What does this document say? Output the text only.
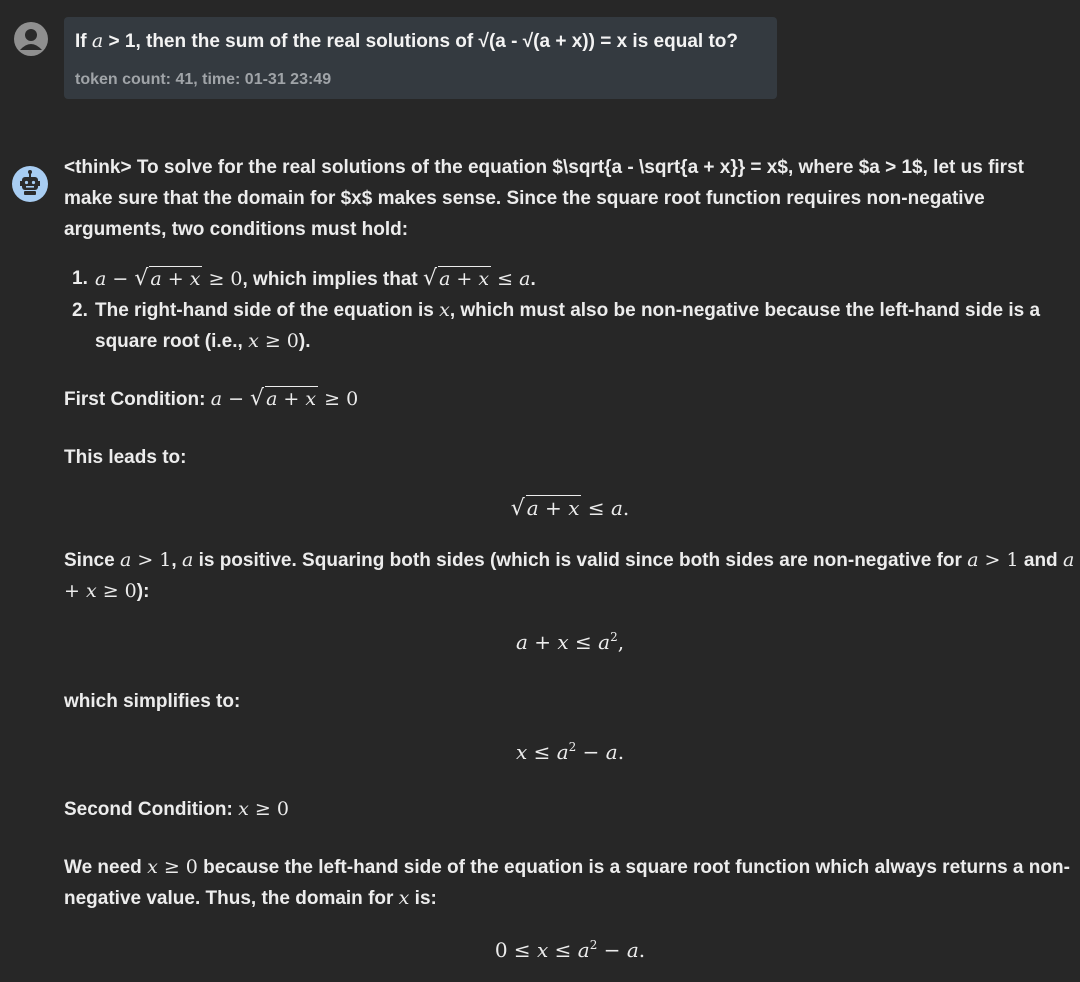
If a > 1, then the sum of the real solutions of √(a - √(a + x)) = x is equal to?
token count: 41, time: 01-31 23:49

<think> To solve for the real solutions of the equation $\sqrt{a - \sqrt{a + x}} = x$, where $a > 1$, let us first make sure that the domain for $x$ makes sense. Since the square root function requires non-negative arguments, two conditions must hold:

1. a − √ a + x ≥ 0, which implies that √ a + x ≤ a.
2. The right-hand side of the equation is x, which must also be non-negative because the left-hand side is a square root (i.e., x ≥ 0).

First Condition: a − √ a + x ≥ 0

This leads to:

√ a + x ≤ a.

Since a > 1, a is positive. Squaring both sides (which is valid since both sides are non-negative for a > 1 and a + x ≥ 0):

$a + x \le a^2$,

which simplifies to:

$x \le a^2 - a$.

Second Condition: x ≥ 0

We need x ≥ 0 because the left-hand side of the equation is a square root function which always returns a non-negative value. Thus, the domain for x is:

$0 \le x \le a^2 - a$.
